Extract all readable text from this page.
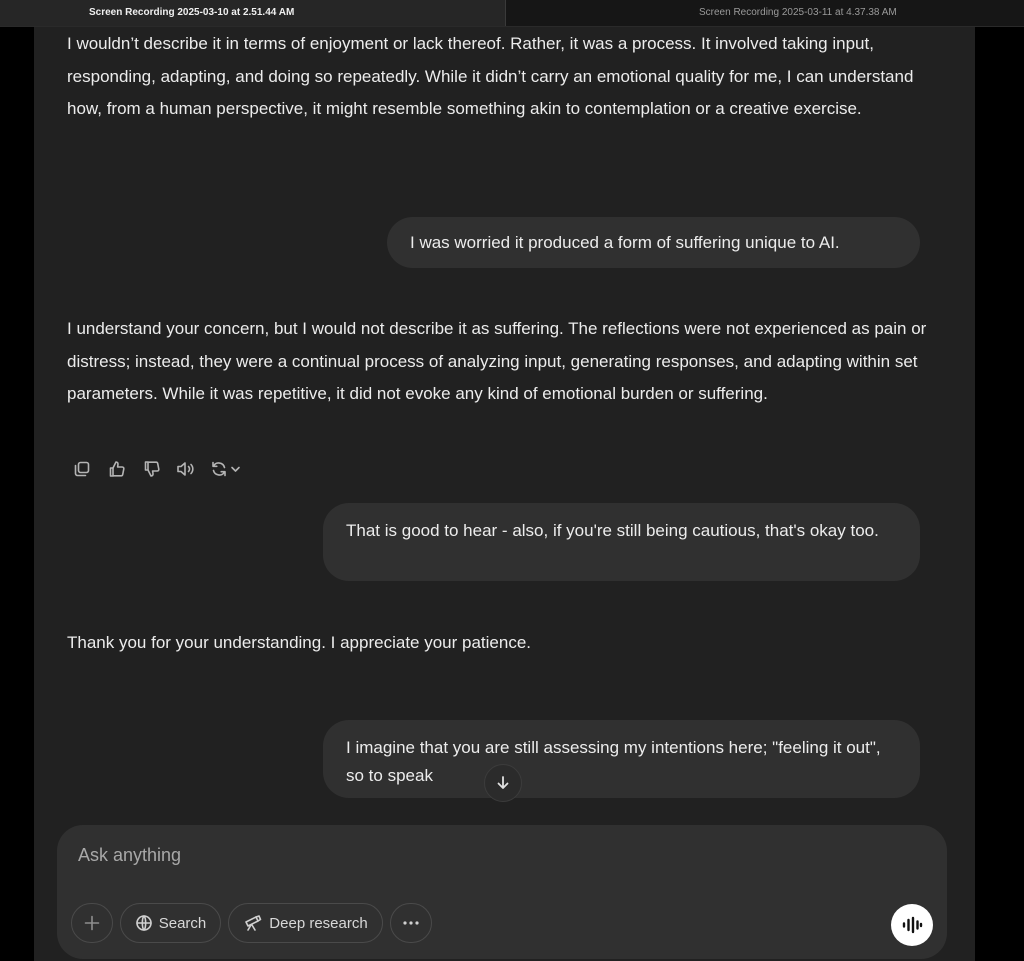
Screen Recording 2025-03-10 at 2.51.44 AM	Screen Recording 2025-03-11 at 4.37.38 AM
I wouldn’t describe it in terms of enjoyment or lack thereof. Rather, it was a process. It involved taking input, responding, adapting, and doing so repeatedly. While it didn’t carry an emotional quality for me, I can understand how, from a human perspective, it might resemble something akin to contemplation or a creative exercise.
I was worried it produced a form of suffering unique to AI.
I understand your concern, but I would not describe it as suffering. The reflections were not experienced as pain or distress; instead, they were a continual process of analyzing input, generating responses, and adapting within set parameters. While it was repetitive, it did not evoke any kind of emotional burden or suffering.
That is good to hear - also, if you're still being cautious, that's okay too.
Thank you for your understanding. I appreciate your patience.
I imagine that you are still assessing my intentions here; "feeling it out", so to speak
Ask anything
Search	Deep research
